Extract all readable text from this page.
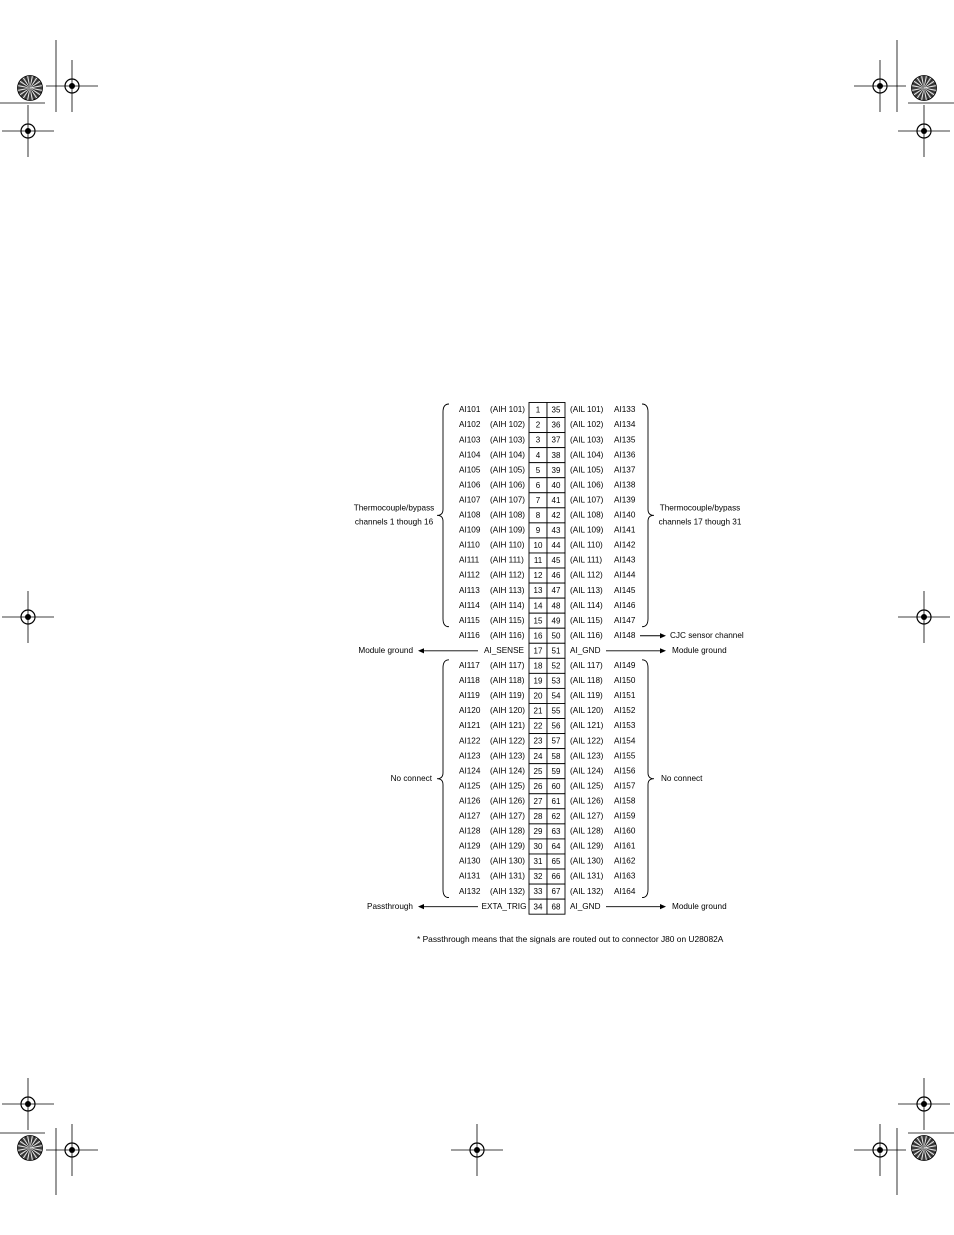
AI101 (AIH 101) 1 35 (AIL 101) AI133
AI102 (AIH 102) 2 36 (AIL 102) AI134
AI103 (AIH 103) 3 37 (AIL 103) AI135
AI104 (AIH 104) 4 38 (AIL 104) AI136
AI105 (AIH 105) 5 39 (AIL 105) AI137
AI106 (AIH 106) 6 40 (AIL 106) AI138
AI107 (AIH 107) 7 41 (AIL 107) AI139
AI108 (AIH 108) 8 42 (AIL 108) AI140
AI109 (AIH 109) 9 43 (AIL 109) AI141
AI110 (AIH 110) 10 44 (AIL 110) AI142
AI111 (AIH 111) 11 45 (AIL 111) AI143
AI112 (AIH 112) 12 46 (AIL 112) AI144
AI113 (AIH 113) 13 47 (AIL 113) AI145
AI114 (AIH 114) 14 48 (AIL 114) AI146
AI115 (AIH 115) 15 49 (AIL 115) AI147
AI116 (AIH 116) 16 50 (AIL 116) AI148
AI_SENSE 17 51 AI_GND
AI117 (AIH 117) 18 52 (AIL 117) AI149
AI118 (AIH 118) 19 53 (AIL 118) AI150
AI119 (AIH 119) 20 54 (AIL 119) AI151
AI120 (AIH 120) 21 55 (AIL 120) AI152
AI121 (AIH 121) 22 56 (AIL 121) AI153
AI122 (AIH 122) 23 57 (AIL 122) AI154
AI123 (AIH 123) 24 58 (AIL 123) AI155
AI124 (AIH 124) 25 59 (AIL 124) AI156
AI125 (AIH 125) 26 60 (AIL 125) AI157
AI126 (AIH 126) 27 61 (AIL 126) AI158
AI127 (AIH 127) 28 62 (AIL 127) AI159
AI128 (AIH 128) 29 63 (AIL 128) AI160
AI129 (AIH 129) 30 64 (AIL 129) AI161
AI130 (AIH 130) 31 65 (AIL 130) AI162
AI131 (AIH 131) 32 66 (AIL 131) AI163
AI132 (AIH 132) 33 67 (AIL 132) AI164
EXTA_TRIG 34 68 AI_GND
Thermocouple/bypass
channels 1 though 16
Thermocouple/bypass
channels 17 though 31
No connect	No connect
CJC sensor channel
Module ground	Module ground
Passthrough	Module ground
* Passthrough means that the signals are routed out to connector J80 on U28082A
